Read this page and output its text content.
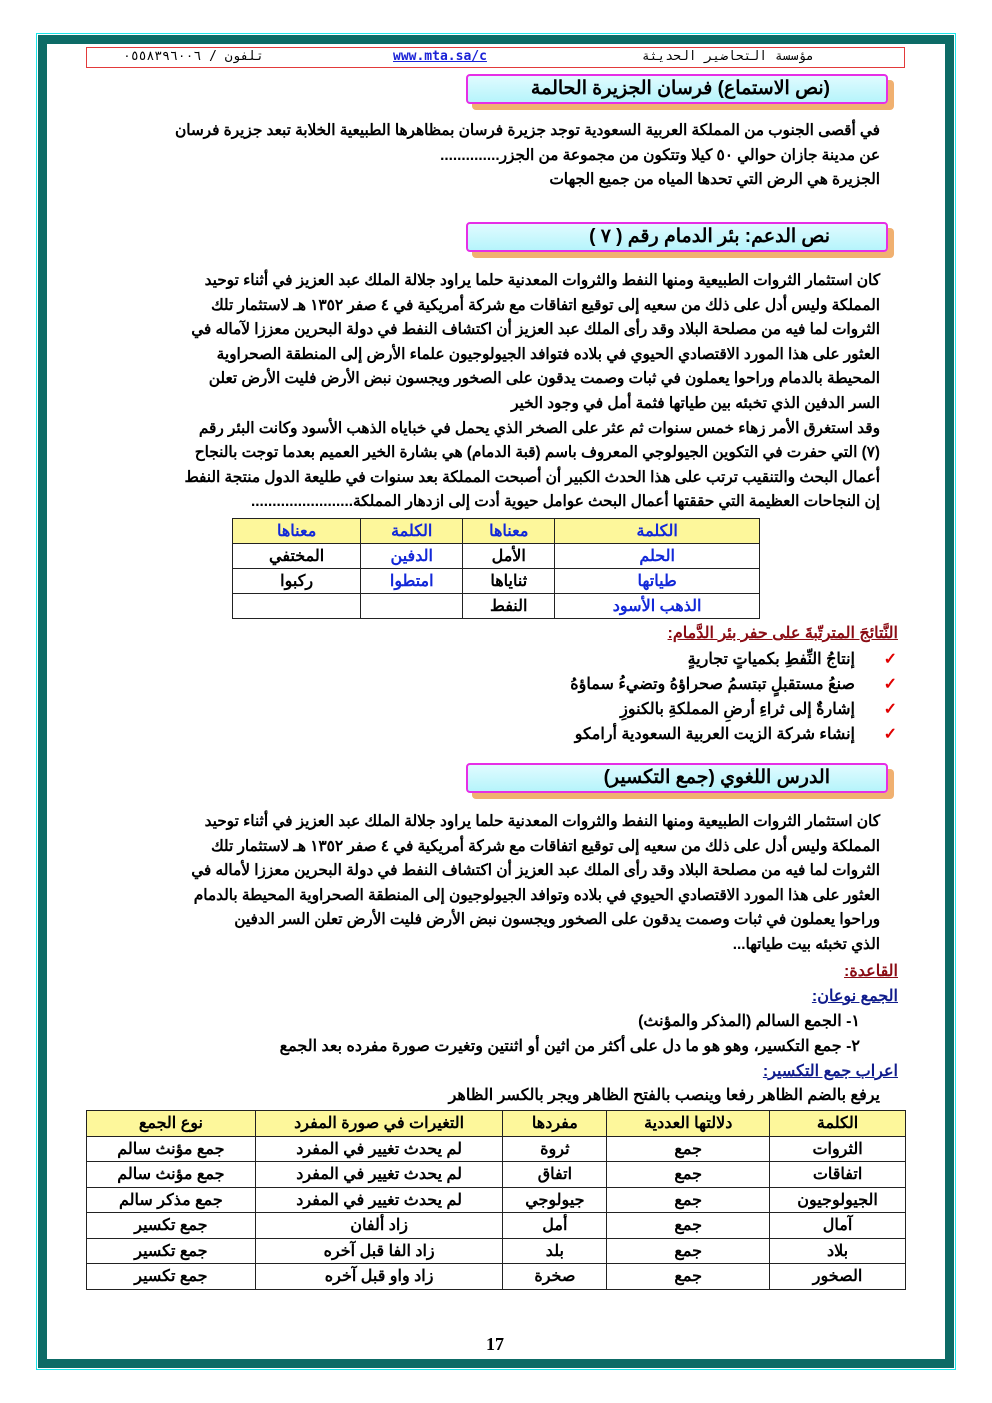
مؤسسة التحاضير الحديثة
www.mta.sa/c
تلفون / ٠٥٥٨٣٩٦٠٠٦
(نص الاستماع) فرسان الجزيرة الحالمة
في أقصى الجنوب من المملكة العربية السعودية توجد جزيرة فرسان بمظاهرها الطبيعية الخلابة تبعد جزيرة فرسان
عن مدينة جازان حوالي ٥٠ كيلا وتتكون من مجموعة من الجزر..............
الجزيرة هي الرض التي تحدها المياه من جميع الجهات
نص الدعم: بئر الدمام رقم ( ٧ )
كان استثمار الثروات الطبيعية ومنها النفط والثروات المعدنية حلما يراود جلالة الملك عبد العزيز في أثناء توحيد
المملكة وليس أدل على ذلك من سعيه إلى توقيع اتفاقات مع شركة أمريكية في ٤ صفر ١٣٥٢ هـ لاستثمار تلك
الثروات لما فيه من مصلحة البلاد وقد رأى الملك عبد العزيز أن اكتشاف النفط في دولة البحرين معززا لآماله في
العثور على هذا المورد الاقتصادي الحيوي في بلاده فتوافد الجيولوجيون علماء الأرض إلى المنطقة الصحراوية
المحيطة بالدمام وراحوا يعملون في ثبات وصمت يدقون على الصخور ويجسون نبض الأرض فليت الأرض تعلن
السر الدفين الذي تخبئه بين طياتها فثمة أمل في وجود الخير
وقد استغرق الأمر زهاء خمس سنوات ثم عثر على الصخر الذي يحمل في خباياه الذهب الأسود وكانت البئر رقم
(٧) التي حفرت في التكوين الجيولوجي المعروف باسم (قبة الدمام) هي بشارة الخير العميم بعدما توجت بالنجاح
أعمال البحث والتنقيب ترتب على هذا الحدث الكبير أن أصبحت المملكة بعد سنوات في طليعة الدول منتجة النفط
إن النجاحات العظيمة التي حققتها أعمال البحث عوامل حيوية أدت إلى ازدهار المملكة........................
الكلمة	معناها	الكلمة	معناها
الحلم	الأمل	الدفين	المختفي
طياتها	ثناياها	امتطوا	ركبوا
الذهب الأسود	النفط		
النَّتائجَ المترتّبةَ على حفر بئر الدَّمام:
✓
إنتاجُ النِّفطِ بكمياتٍ تجاريةٍ
✓
صنعُ مستقبلٍ تبتسمُ صحراؤهُ وتضيءُ سماؤهُ
✓
إشارةٌ إلى ثراءِ أرضِ المملكةِ بالكنوزِ
✓
إنشاء شركة الزيت العربية السعودية أرامكو
الدرس اللغوي (جمع التكسير)
كان استثمار الثروات الطبيعية ومنها النفط والثروات المعدنية حلما يراود جلالة الملك عبد العزيز في أثناء توحيد
المملكة وليس أدل على ذلك من سعيه إلى توقيع اتفاقات مع شركة أمريكية في ٤ صفر ١٣٥٢ هـ لاستثمار تلك
الثروات لما فيه من مصلحة البلاد وقد رأى الملك عبد العزيز أن اكتشاف النفط في دولة البحرين معززا لأماله في
العثور على هذا المورد الاقتصادي الحيوي في بلاده وتوافد الجيولوجيون إلى المنطقة الصحراوية المحيطة بالدمام
وراحوا يعملون في ثبات وصمت يدقون على الصخور ويجسون نبض الأرض فليت الأرض تعلن السر الدفين
الذي تخبئه بيت طياتها...
القاعدة:
الجمع نوعان:
١- الجمع السالم (المذكر والمؤنث)
٢- جمع التكسير، وهو هو ما دل على أكثر من اثين أو اثنتين وتغيرت صورة مفرده بعد الجمع
اعراب جمع التكسير:
يرفع بالضم الظاهر رفعا وينصب بالفتح الظاهر ويجر بالكسر الظاهر
الكلمة	دلالتها العددية	مفردها	التغيرات في صورة المفرد	نوع الجمع
الثروات	جمع	ثروة	لم يحدث تغيير في المفرد	جمع مؤنث سالم
اتفاقات	جمع	اتفاق	لم يحدث تغيير في المفرد	جمع مؤنث سالم
الجيولوجيون	جمع	جيولوجي	لم يحدث تغيير في المفرد	جمع مذكر سالم
آمال	جمع	أمل	زاد ألفان	جمع تكسير
بلاد	جمع	بلد	زاد الفا قبل آخره	جمع تكسير
الصخور	جمع	صخرة	زاد واو قبل آخره	جمع تكسير
17
